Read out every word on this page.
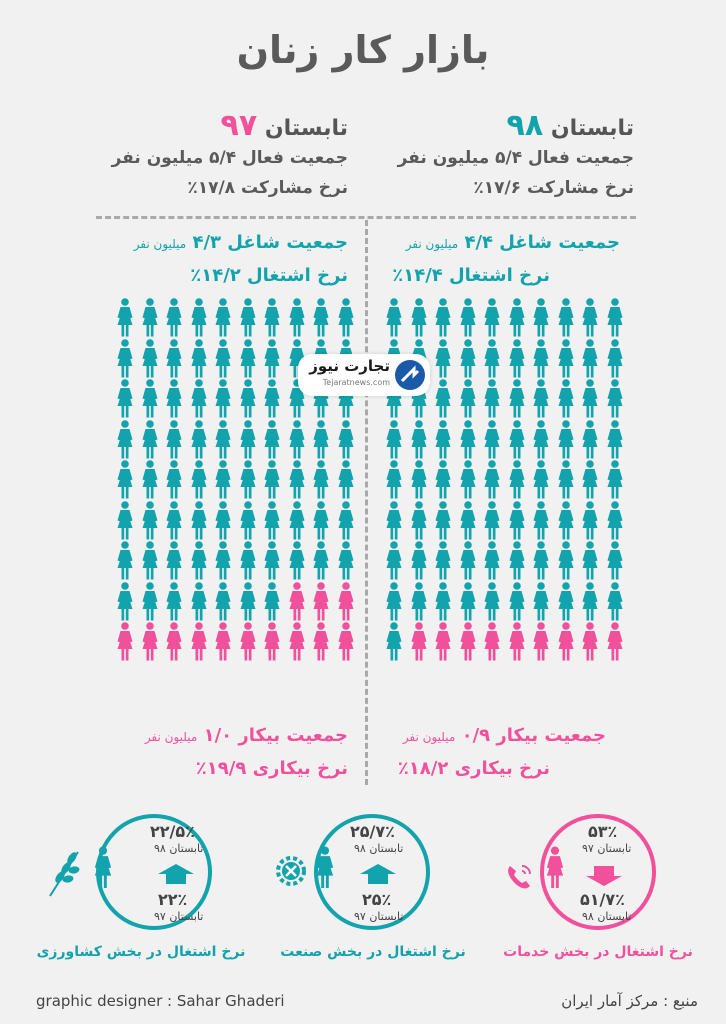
بازار کار زنان
تابستان ۹۸
جمعیت فعال ۵/۴ میلیون نفر
نرخ مشارکت ۱۷/۶٪
تابستان ۹۷
جمعیت فعال ۵/۴ میلیون نفر
نرخ مشارکت ۱۷/۸٪
جمعیت شاغل ۴/۴ میلیون نفر
نرخ اشتغال ۱۴/۴٪
جمعیت شاغل ۴/۳ میلیون نفر
نرخ اشتغال ۱۴/۲٪
تجارت نیوز
Tejaratnews.com
جمعیت بیکار ۰/۹ میلیون نفر
نرخ بیکاری ۱۸/۲٪
جمعیت بیکار ۱/۰ میلیون نفر
نرخ بیکاری ۱۹/۹٪
۲۲/۵٪
تابستان ۹۸
۲۲٪
تابستان ۹۷
نرخ اشتغال در بخش کشاورزی
۲۵/۷٪
تابستان ۹۸
۲۵٪
تابستان ۹۷
نرخ اشتغال در بخش صنعت
۵۳٪
تابستان ۹۷
۵۱/۷٪
تابستان ۹۸
نرخ اشتغال در بخش خدمات
graphic designer : Sahar Ghaderi	منبع : مرکز آمار ایران
